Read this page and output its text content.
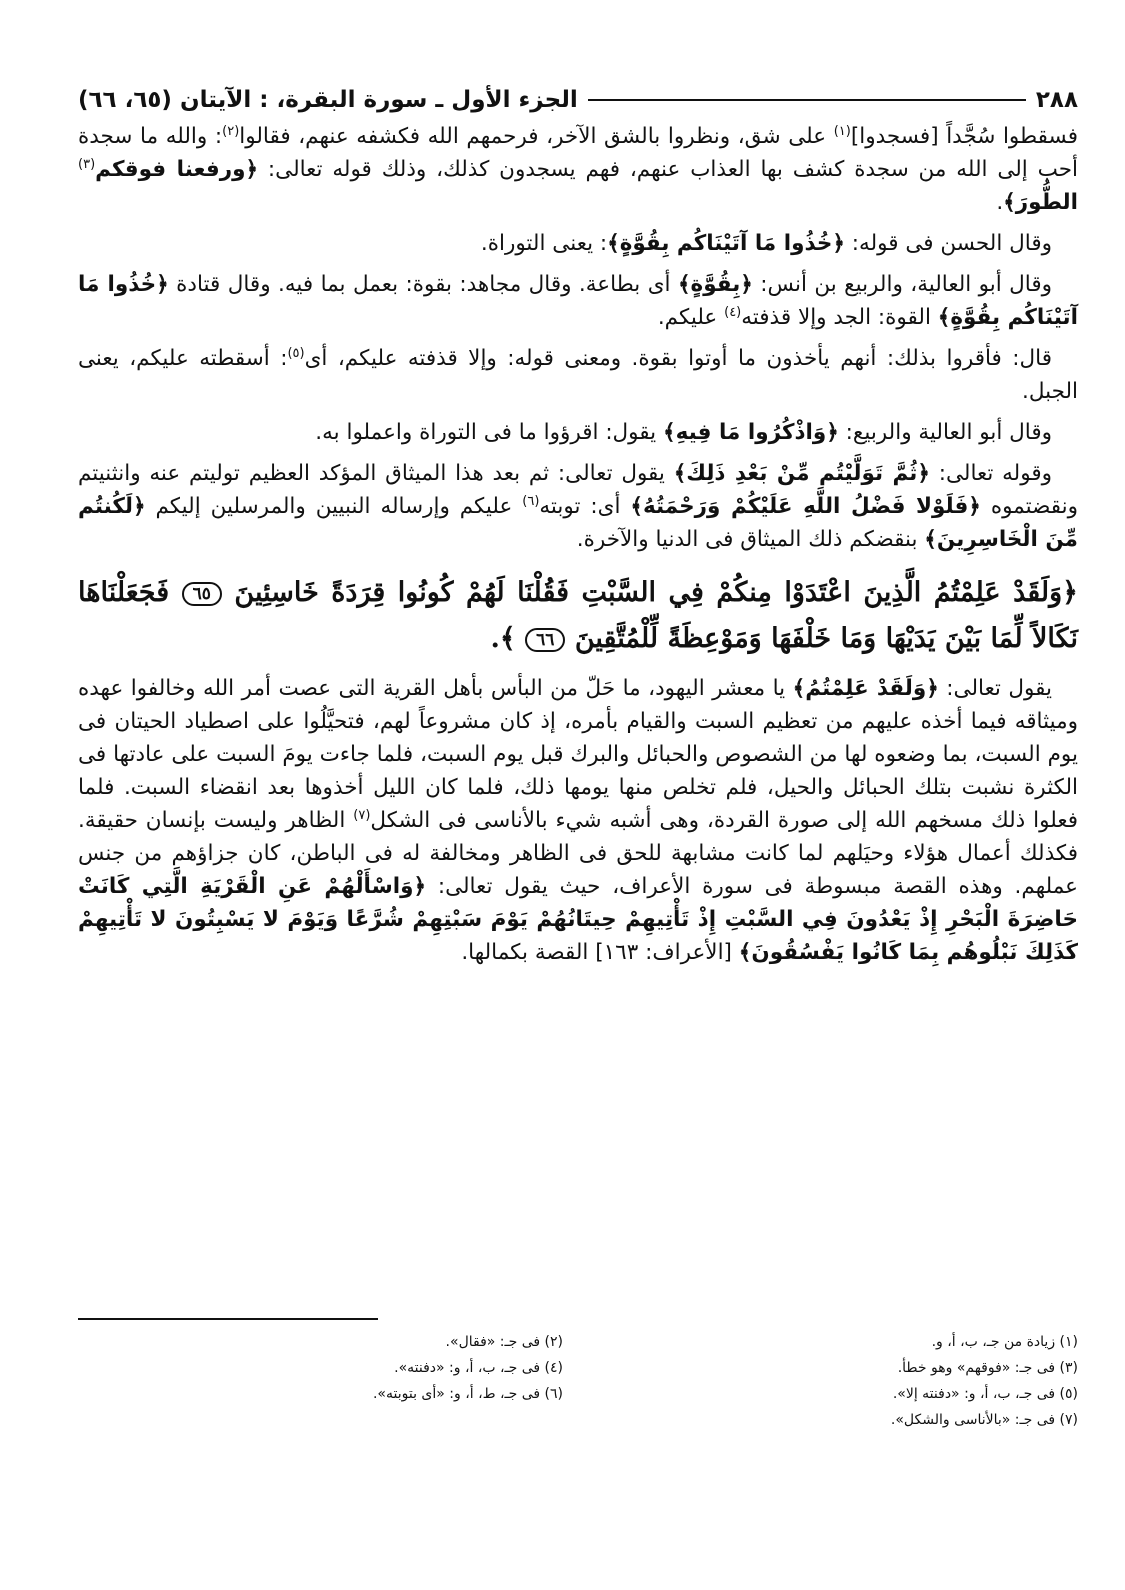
٢٨٨
الجزء الأول ـ سورة البقرة، : الآيتان (٦٥، ٦٦)

فسقطوا سُجَّداً [فسجدوا]$^{(١)}$ على شق، ونظروا بالشق الآخر، فرحمهم الله فكشفه عنهم، فقالوا$^{(٢)}$: والله ما سجدة أحب إلى الله من سجدة كشف بها العذاب عنهم، فهم يسجدون كذلك، وذلك قوله تعالى: ﴿ورفعنا فوقكم$^{(٣)}$ الطُّورَ﴾.

وقال الحسن فى قوله: ﴿خُذُوا مَا آتَيْنَاكُم بِقُوَّةٍ﴾: يعنى التوراة.

وقال أبو العالية، والربيع بن أنس: ﴿بِقُوَّةٍ﴾ أى بطاعة. وقال مجاهد: بقوة: بعمل بما فيه. وقال قتادة ﴿خُذُوا مَا آتَيْنَاكُم بِقُوَّةٍ﴾ القوة: الجد وإلا قذفته$^{(٤)}$ عليكم.

قال: فأقروا بذلك: أنهم يأخذون ما أوتوا بقوة. ومعنى قوله: وإلا قذفته عليكم، أى$^{(٥)}$: أسقطته عليكم، يعنى الجبل.

وقال أبو العالية والربيع: ﴿وَاذْكُرُوا مَا فِيهِ﴾ يقول: اقرؤوا ما فى التوراة واعملوا به.

وقوله تعالى: ﴿ثُمَّ تَوَلَّيْتُم مِّنْ بَعْدِ ذَلِكَ﴾ يقول تعالى: ثم بعد هذا الميثاق المؤكد العظيم توليتم عنه وانثنيتم ونقضتموه ﴿فَلَوْلا فَضْلُ اللَّهِ عَلَيْكُمْ وَرَحْمَتُهُ﴾ أى: توبته$^{(٦)}$ عليكم وإرساله النبيين والمرسلين إليكم ﴿لَكُنتُم مِّنَ الْخَاسِرِينَ﴾ بنقضكم ذلك الميثاق فى الدنيا والآخرة.

﴿وَلَقَدْ عَلِمْتُمُ الَّذِينَ اعْتَدَوْا مِنكُمْ فِي السَّبْتِ فَقُلْنَا لَهُمْ كُونُوا قِرَدَةً خَاسِئِينَ ٦٥ فَجَعَلْنَاهَا نَكَالاً لِّمَا بَيْنَ يَدَيْهَا وَمَا خَلْفَهَا وَمَوْعِظَةً لِّلْمُتَّقِينَ ٦٦ ﴾.

يقول تعالى: ﴿وَلَقَدْ عَلِمْتُمُ﴾ يا معشر اليهود، ما حَلّ من البأس بأهل القرية التى عصت أمر الله وخالفوا عهده وميثاقه فيما أخذه عليهم من تعظيم السبت والقيام بأمره، إذ كان مشروعاً لهم، فتحيَّلُوا على اصطياد الحيتان فى يوم السبت، بما وضعوه لها من الشصوص والحبائل والبرك قبل يوم السبت، فلما جاءت يومَ السبت على عادتها فى الكثرة نشبت بتلك الحبائل والحيل، فلم تخلص منها يومها ذلك، فلما كان الليل أخذوها بعد انقضاء السبت. فلما فعلوا ذلك مسخهم الله إلى صورة القردة، وهى أشبه شيء بالأناسى فى الشكل$^{(٧)}$ الظاهر وليست بإنسان حقيقة. فكذلك أعمال هؤلاء وحيَلهم لما كانت مشابهة للحق فى الظاهر ومخالفة له فى الباطن، كان جزاؤهم من جنس عملهم. وهذه القصة مبسوطة فى سورة الأعراف، حيث يقول تعالى: ﴿وَاسْأَلْهُمْ عَنِ الْقَرْيَةِ الَّتِي كَانَتْ حَاضِرَةَ الْبَحْرِ إِذْ يَعْدُونَ فِي السَّبْتِ إِذْ تَأْتِيهِمْ حِيتَانُهُمْ يَوْمَ سَبْتِهِمْ شُرَّعًا وَيَوْمَ لا يَسْبِتُونَ لا تَأْتِيهِمْ كَذَلِكَ نَبْلُوهُم بِمَا كَانُوا يَفْسُقُونَ﴾ [الأعراف: ١٦٣] القصة بكمالها.

(١) زيادة من جـ، ب، أ، و.
(٢) فى جـ: «فقال».
(٣) فى جـ: «فوقهم» وهو خطأ.
(٤) فى جـ، ب، أ، و: «دفنته».
(٥) فى جـ، ب، أ، و: «دفنته إلا».
(٦) فى جـ، ط، أ، و: «أى بتوبته».
(٧) فى جـ: «بالأناسى والشكل».
